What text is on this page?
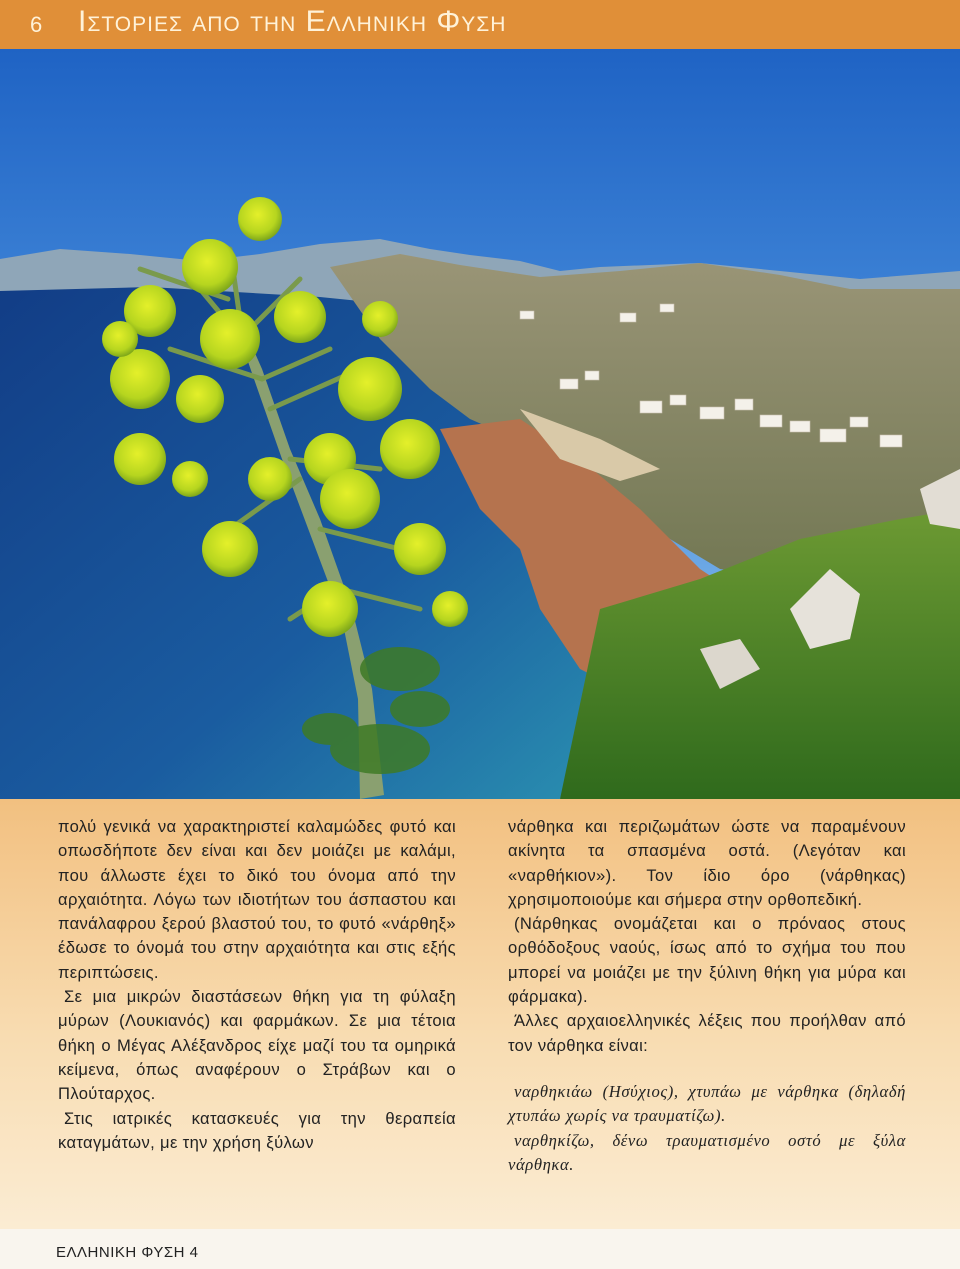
6 Ιστοριες απο την Ελληνικη Φυση

πολύ γενικά να χαρακτηριστεί καλαμώδες φυτό και οπωσδήποτε δεν είναι και δεν μοιάζει με καλάμι, που άλλωστε έχει το δικό του όνομα από την αρχαιότητα. Λόγω των ιδιοτήτων του άσπαστου και πανάλαφρου ξερού βλαστού του, το φυτό «νάρθηξ» έδωσε το όνομά του στην αρχαιότητα και στις εξής περιπτώσεις.

Σε μια μικρών διαστάσεων θήκη για τη φύλαξη μύρων (Λουκιανός) και φαρμάκων. Σε μια τέτοια θήκη ο Μέγας Αλέξανδρος είχε μαζί του τα ομηρικά κείμενα, όπως αναφέρουν ο Στράβων και ο Πλούταρχος.

Στις ιατρικές κατασκευές για την θεραπεία καταγμάτων, με την χρήση ξύλων

νάρθηκα και περιζωμάτων ώστε να παραμένουν ακίνητα τα σπασμένα οστά. (Λεγόταν και «ναρθήκιον»). Τον ίδιο όρο (νάρθηκας) χρησιμοποιούμε και σήμερα στην ορθοπεδική.

(Νάρθηκας ονομάζεται και ο πρόναος στους ορθόδοξους ναούς, ίσως από το σχήμα του που μπορεί να μοιάζει με την ξύλινη θήκη για μύρα και φάρμακα).

Άλλες αρχαιοελληνικές λέξεις που προήλθαν από τον νάρθηκα είναι:

ναρθηκιάω (Ησύχιος), χτυπάω με νάρθηκα (δηλαδή χτυπάω χωρίς να τραυματίζω).

ναρθηκίζω, δένω τραυματισμένο οστό με ξύλα νάρθηκα.

ΕΛΛΗΝΙΚΗ ΦΥΣΗ 4
